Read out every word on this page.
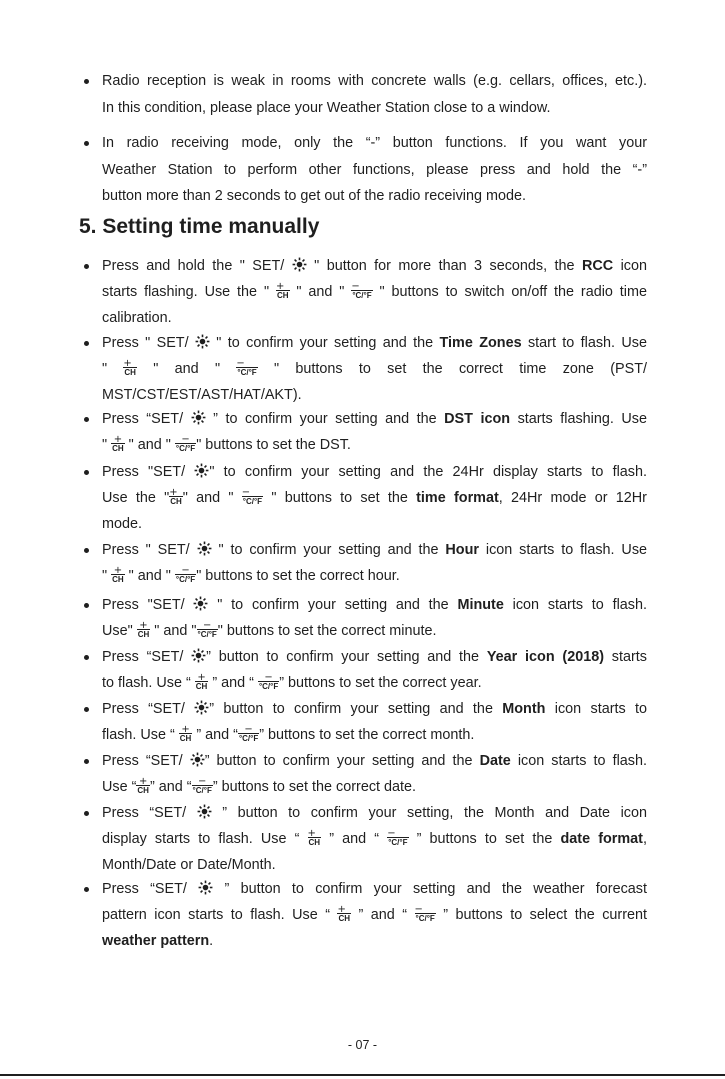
Radio reception is weak in rooms with concrete walls (e.g. cellars, offices, etc.).
In this condition, please place your Weather Station close to a window.
In radio receiving mode, only the “-” button functions. If you want your
Weather Station to perform other functions, please press and hold the “-”
button more than 2 seconds to get out of the radio receiving mode.
5. Setting time manually
Press and hold the " SET/  " button for more than 3 seconds, the RCC icon
starts flashing. Use the " +
CH " and " −
°C/°F " buttons to switch on/off the radio time
calibration.
Press " SET/  " to confirm your setting and the Time Zones start to flash. Use
" +
CH " and " −
°C/°F " buttons to set the correct time zone (PST/
MST/CST/EST/AST/HAT/AKT).
Press “SET/  ” to confirm your setting and the DST icon starts flashing. Use
" +
CH " and " −
°C/°F " buttons to set the DST.
Press "SET/ " to confirm your setting and the 24Hr display starts to flash.
Use the " +
CH " and " −
°C/°F " buttons to set the time format, 24Hr mode or 12Hr
mode.
Press " SET/  " to confirm your setting and the Hour icon starts to flash. Use
" +
CH " and " −
°C/°F " buttons to set the correct hour.
Press "SET/  " to confirm your setting and the Minute icon starts to flash.
Use" +
CH " and " −
°C/°F " buttons to set the correct minute.
Press “SET/ ” button to confirm your setting and the Year icon (2018) starts
to flash. Use “ +
CH ” and “ −
°C/°F ” buttons to set the correct year.
Press “SET/ ” button to confirm your setting and the Month icon starts to
flash. Use “ +
CH ” and “ −
°C/°F ” buttons to set the correct month.
Press “SET/ ” button to confirm your setting and the Date icon starts to flash.
Use “ +
CH ” and “ −
°C/°F ” buttons to set the correct date.
Press “SET/  ” button to confirm your setting, the Month and Date icon
display starts to flash. Use “ +
CH ” and “ −
°C/°F ” buttons to set the date format,
Month/Date or Date/Month.
Press “SET/  ” button to confirm your setting and the weather forecast
pattern icon starts to flash. Use “ +
CH ” and “ −
°C/°F ” buttons to select the current
weather pattern.
- 07 -
